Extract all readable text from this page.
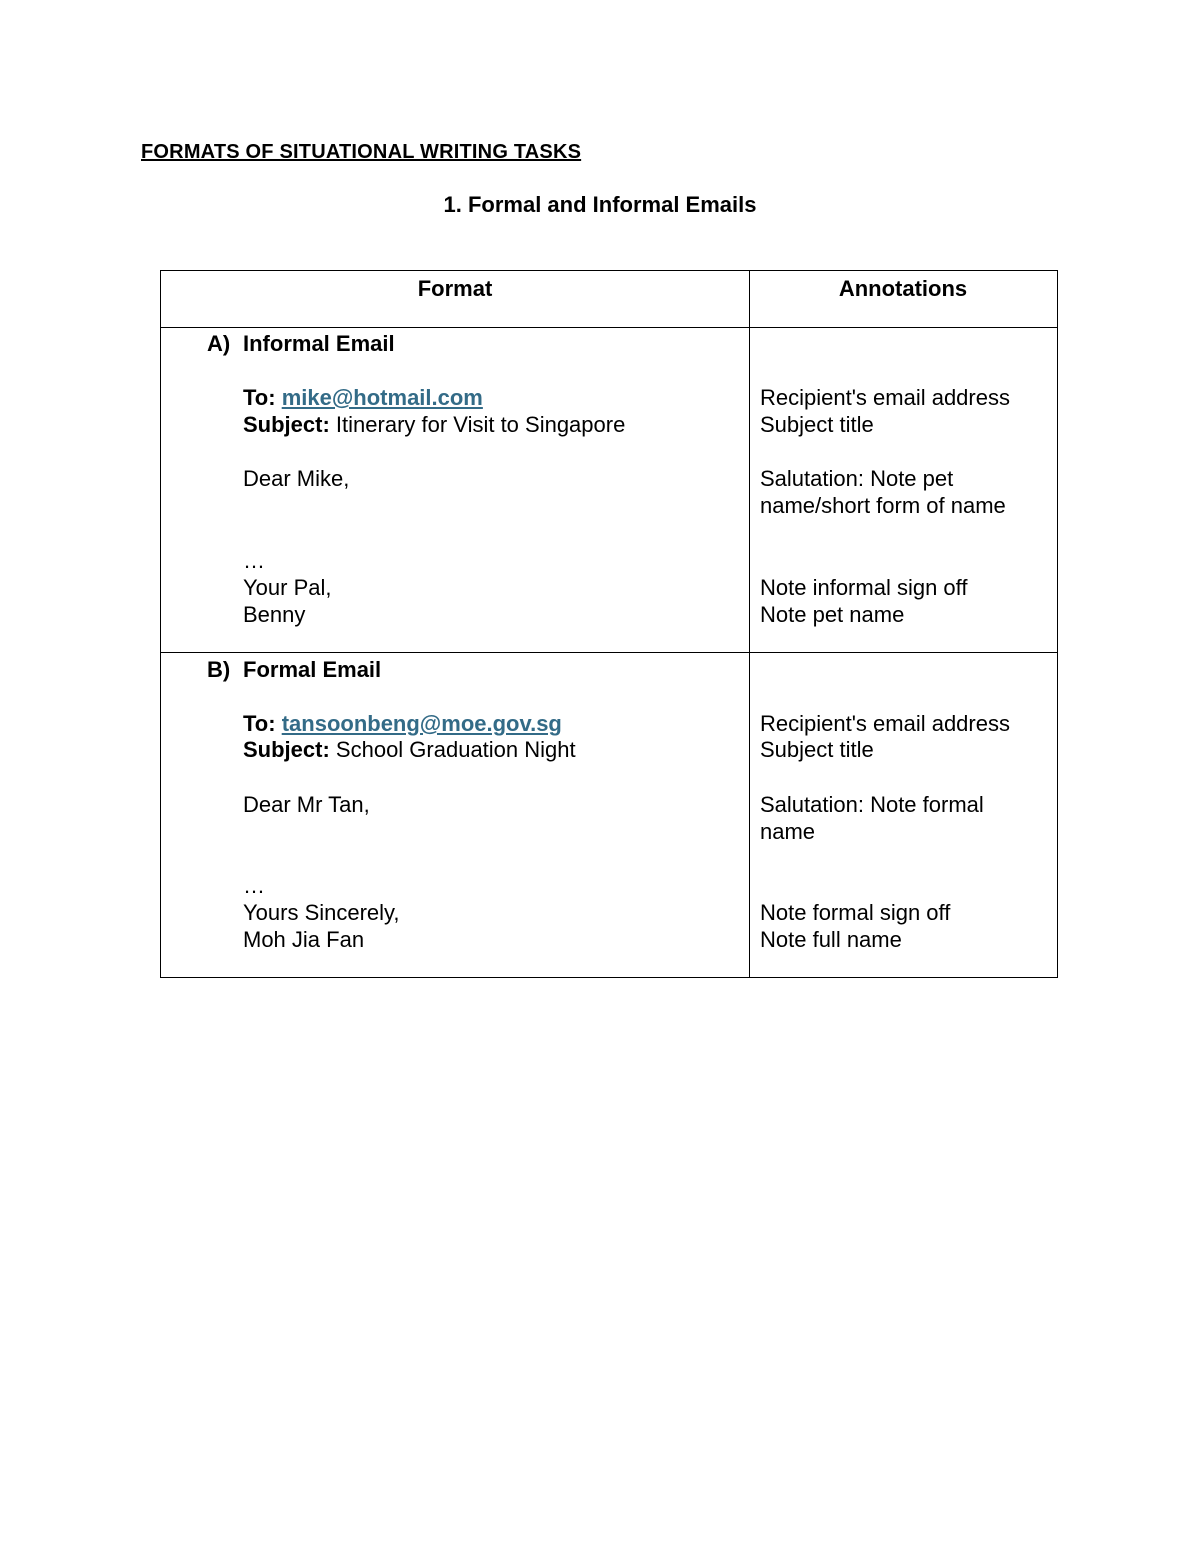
FORMATS OF SITUATIONAL WRITING TASKS
1. Formal and Informal Emails
Format	Annotations
A) Informal Email
To: mike@hotmail.com
Subject: Itinerary for Visit to Singapore
Dear Mike,
…
Your Pal,
Benny
Recipient's email address
Subject title
Salutation: Note pet
name/short form of name
Note informal sign off
Note pet name
B) Formal Email
To: tansoonbeng@moe.gov.sg
Subject: School Graduation Night
Dear Mr Tan,
…
Yours Sincerely,
Moh Jia Fan
Recipient's email address
Subject title
Salutation: Note formal
name
Note formal sign off
Note full name
